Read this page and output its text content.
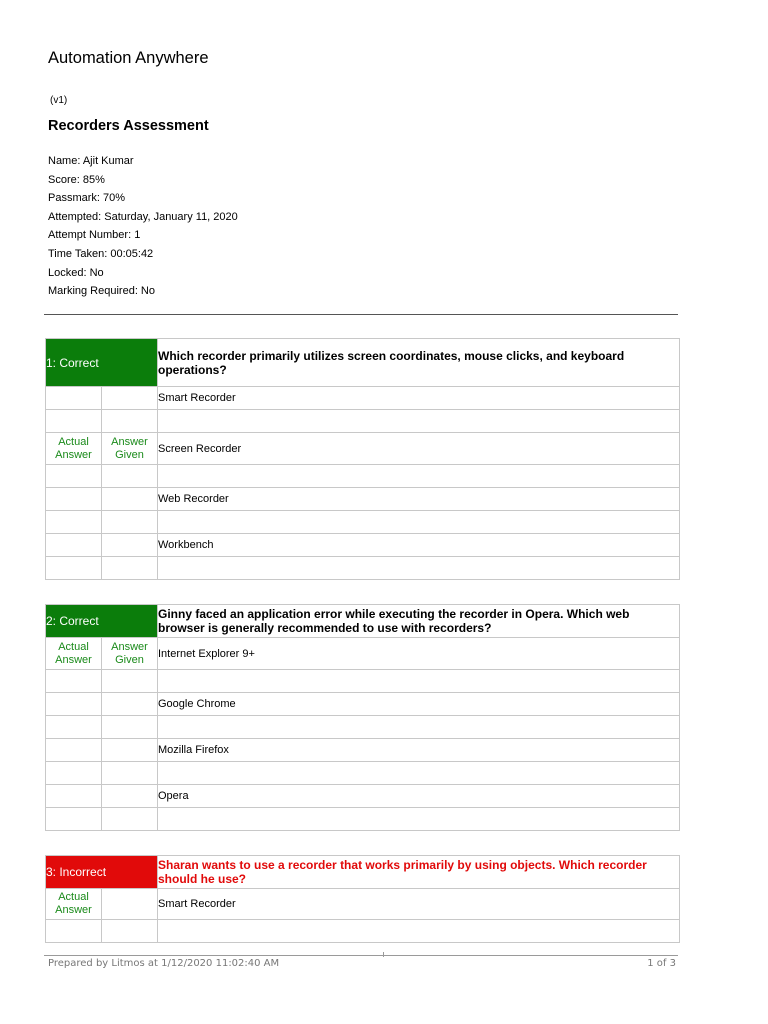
Automation Anywhere
(v1)
Recorders Assessment
Name: Ajit Kumar
Score: 85%
Passmark: 70%
Attempted: Saturday, January 11, 2020
Attempt Number: 1
Time Taken: 00:05:42
Locked: No
Marking Required: No
1: Correct		Which recorder primarily utilizes screen coordinates, mouse clicks, and keyboard operations?
		Smart Recorder

Actual Answer	Answer Given	Screen Recorder

		Web Recorder

		Workbench

2: Correct		Ginny faced an application error while executing the recorder in Opera. Which web browser is generally recommended to use with recorders?
Actual Answer	Answer Given	Internet Explorer 9+

		Google Chrome

		Mozilla Firefox

		Opera

3: Incorrect		Sharan wants to use a recorder that works primarily by using objects. Which recorder should he use?
Actual Answer		Smart Recorder

Prepared by Litmos at 1/12/2020 11:02:40 AM	1 of 3
